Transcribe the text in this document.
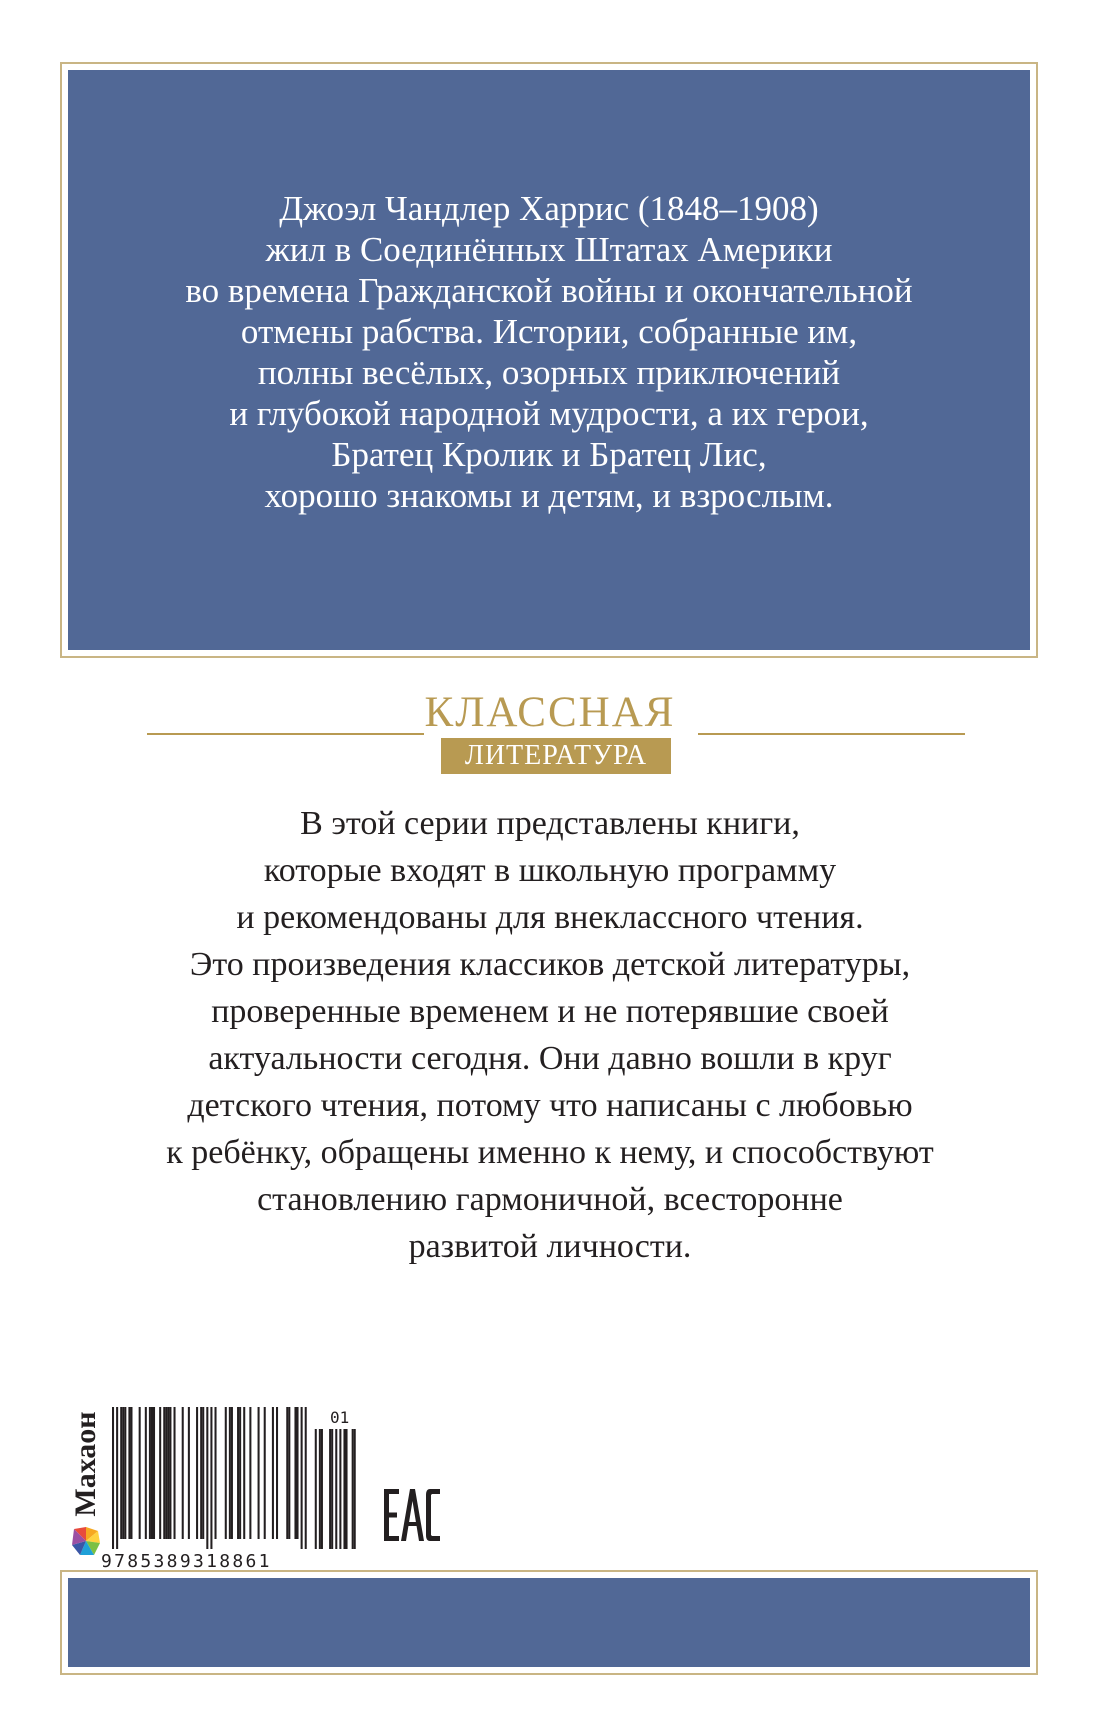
Джоэл Чандлер Харрис (1848–1908)
жил в Соединённых Штатах Америки
во времена Гражданской войны и окончательной
отмены рабства. Истории, собранные им,
полны весёлых, озорных приключений
и глубокой народной мудрости, а их герои,
Братец Кролик и Братец Лис,
хорошо знакомы и детям, и взрослым.
КЛАССНАЯ
ЛИТЕРАТУРА
В этой серии представлены книги,
которые входят в школьную программу
и рекомендованы для внеклассного чтения.
Это произведения классиков детской литературы,
проверенные временем и не потерявшие своей
актуальности сегодня. Они давно вошли в круг
детского чтения, потому что написаны с любовью
к ребёнку, обращены именно к нему, и способствуют
становлению гармоничной, всесторонне
развитой личности.
Махаон	01
9785389318861
